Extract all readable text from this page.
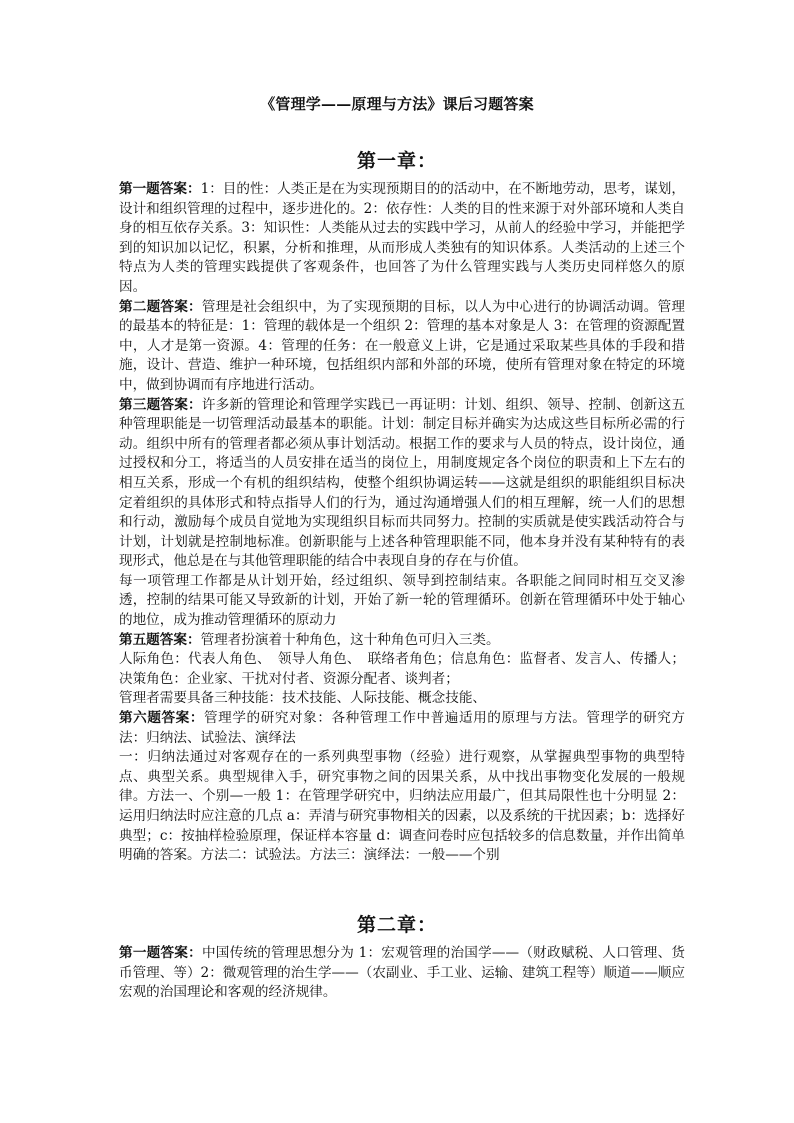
《管理学——原理与方法》课后习题答案
第一章：

第一题答案：1：目的性：人类正是在为实现预期目的的活动中，在不断地劳动，思考，谋划，设计和组织管理的过程中，逐步进化的。2：依存性：人类的目的性来源于对外部环境和人类自身的相互依存关系。3：知识性：人类能从过去的实践中学习，从前人的经验中学习，并能把学到的知识加以记忆，积累，分析和推理，从而形成人类独有的知识体系。人类活动的上述三个特点为人类的管理实践提供了客观条件，也回答了为什么管理实践与人类历史同样悠久的原因。

第二题答案：管理是社会组织中，为了实现预期的目标，以人为中心进行的协调活动调。管理的最基本的特征是：1：管理的载体是一个组织 2：管理的基本对象是人 3：在管理的资源配置中，人才是第一资源。4：管理的任务：在一般意义上讲，它是通过采取某些具体的手段和措施，设计、营造、维护一种环境，包括组织内部和外部的环境，使所有管理对象在特定的环境中，做到协调而有序地进行活动。

第三题答案：许多新的管理论和管理学实践已一再证明：计划、组织、领导、控制、创新这五种管理职能是一切管理活动最基本的职能。计划：制定目标并确实为达成这些目标所必需的行动。组织中所有的管理者都必须从事计划活动。根据工作的要求与人员的特点，设计岗位，通过授权和分工，将适当的人员安排在适当的岗位上，用制度规定各个岗位的职责和上下左右的相互关系，形成一个有机的组织结构，使整个组织协调运转——这就是组织的职能组织目标决定着组织的具体形式和特点指导人们的行为，通过沟通增强人们的相互理解，统一人们的思想和行动，激励每个成员自觉地为实现组织目标而共同努力。控制的实质就是使实践活动符合与计划，计划就是控制地标准。创新职能与上述各种管理职能不同，他本身并没有某种特有的表现形式，他总是在与其他管理职能的结合中表现自身的存在与价值。

每一项管理工作都是从计划开始，经过组织、领导到控制结束。各职能之间同时相互交叉渗透，控制的结果可能又导致新的计划，开始了新一轮的管理循环。创新在管理循环中处于轴心的地位，成为推动管理循环的原动力

第五题答案：管理者扮演着十种角色，这十种角色可归入三类。

人际角色：代表人角色、　领导人角色、　联络者角色；信息角色：监督者、发言人、传播人；决策角色：企业家、干扰对付者、资源分配者、谈判者；

管理者需要具备三种技能：技术技能、人际技能、概念技能、

第六题答案：管理学的研究对象：各种管理工作中普遍适用的原理与方法。管理学的研究方法：归纳法、试验法、演绎法

一：归纳法通过对客观存在的一系列典型事物（经验）进行观察，从掌握典型事物的典型特点、典型关系。典型规律入手，研究事物之间的因果关系，从中找出事物变化发展的一般规律。方法一、个别—一般 1：在管理学研究中，归纳法应用最广，但其局限性也十分明显 2：运用归纳法时应注意的几点 a：弄清与研究事物相关的因素，以及系统的干扰因素；b：选择好典型；c：按抽样检验原理，保证样本容量 d：调查问卷时应包括较多的信息数量，并作出简单明确的答案。方法二：试验法。方法三：演绎法：一般——个别

第二章：

第一题答案：中国传统的管理思想分为 1：宏观管理的治国学——（财政赋税、人口管理、货币管理、等）2：微观管理的治生学——（农副业、手工业、运输、建筑工程等）顺道——顺应宏观的治国理论和客观的经济规律。
